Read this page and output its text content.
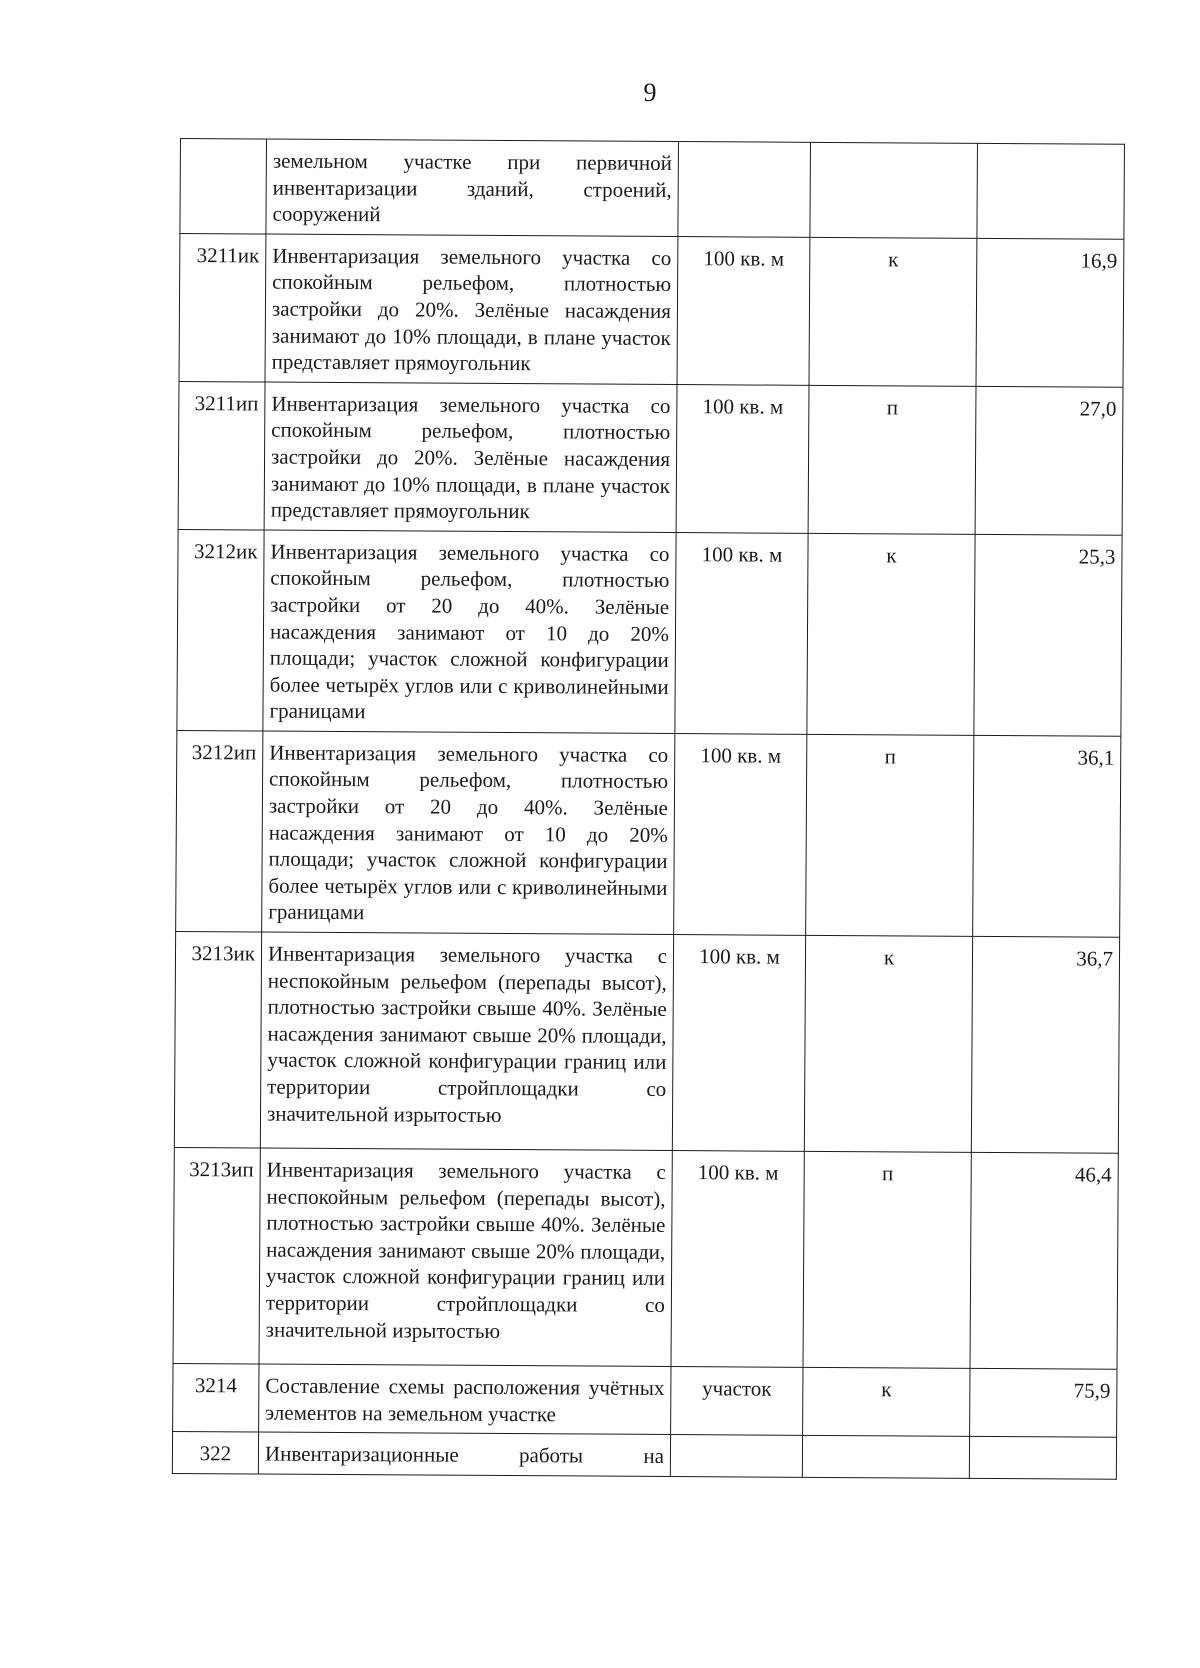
9
	земельном участке при первичной инвентаризации зданий, строений, сооружений			
3211ик	Инвентаризация земельного участка со спокойным рельефом, плотностью застройки до 20%. Зелёные насаждения занимают до 10% площади, в плане участок представляет прямоугольник	100 кв. м	к	16,9
3211ип	Инвентаризация земельного участка со спокойным рельефом, плотностью застройки до 20%. Зелёные насаждения занимают до 10% площади, в плане участок представляет прямоугольник	100 кв. м	п	27,0
3212ик	Инвентаризация земельного участка со спокойным рельефом, плотностью застройки от 20 до 40%. Зелёные насаждения занимают от 10 до 20% площади; участок сложной конфигурации более четырёх углов или с криволинейными границами	100 кв. м	к	25,3
3212ип	Инвентаризация земельного участка со спокойным рельефом, плотностью застройки от 20 до 40%. Зелёные насаждения занимают от 10 до 20% площади; участок сложной конфигурации более четырёх углов или с криволинейными границами	100 кв. м	п	36,1
3213ик	Инвентаризация земельного участка с неспокойным рельефом (перепады высот), плотностью застройки свыше 40%. Зелёные насаждения занимают свыше 20% площади, участок сложной конфигурации границ или территории стройплощадки со значительной изрытостью	100 кв. м	к	36,7
3213ип	Инвентаризация земельного участка с неспокойным рельефом (перепады высот), плотностью застройки свыше 40%. Зелёные насаждения занимают свыше 20% площади, участок сложной конфигурации границ или территории стройплощадки со значительной изрытостью	100 кв. м	п	46,4
3214	Составление схемы расположения учётных элементов на земельном участке	участок	к	75,9
322	Инвентаризационные работы на			
